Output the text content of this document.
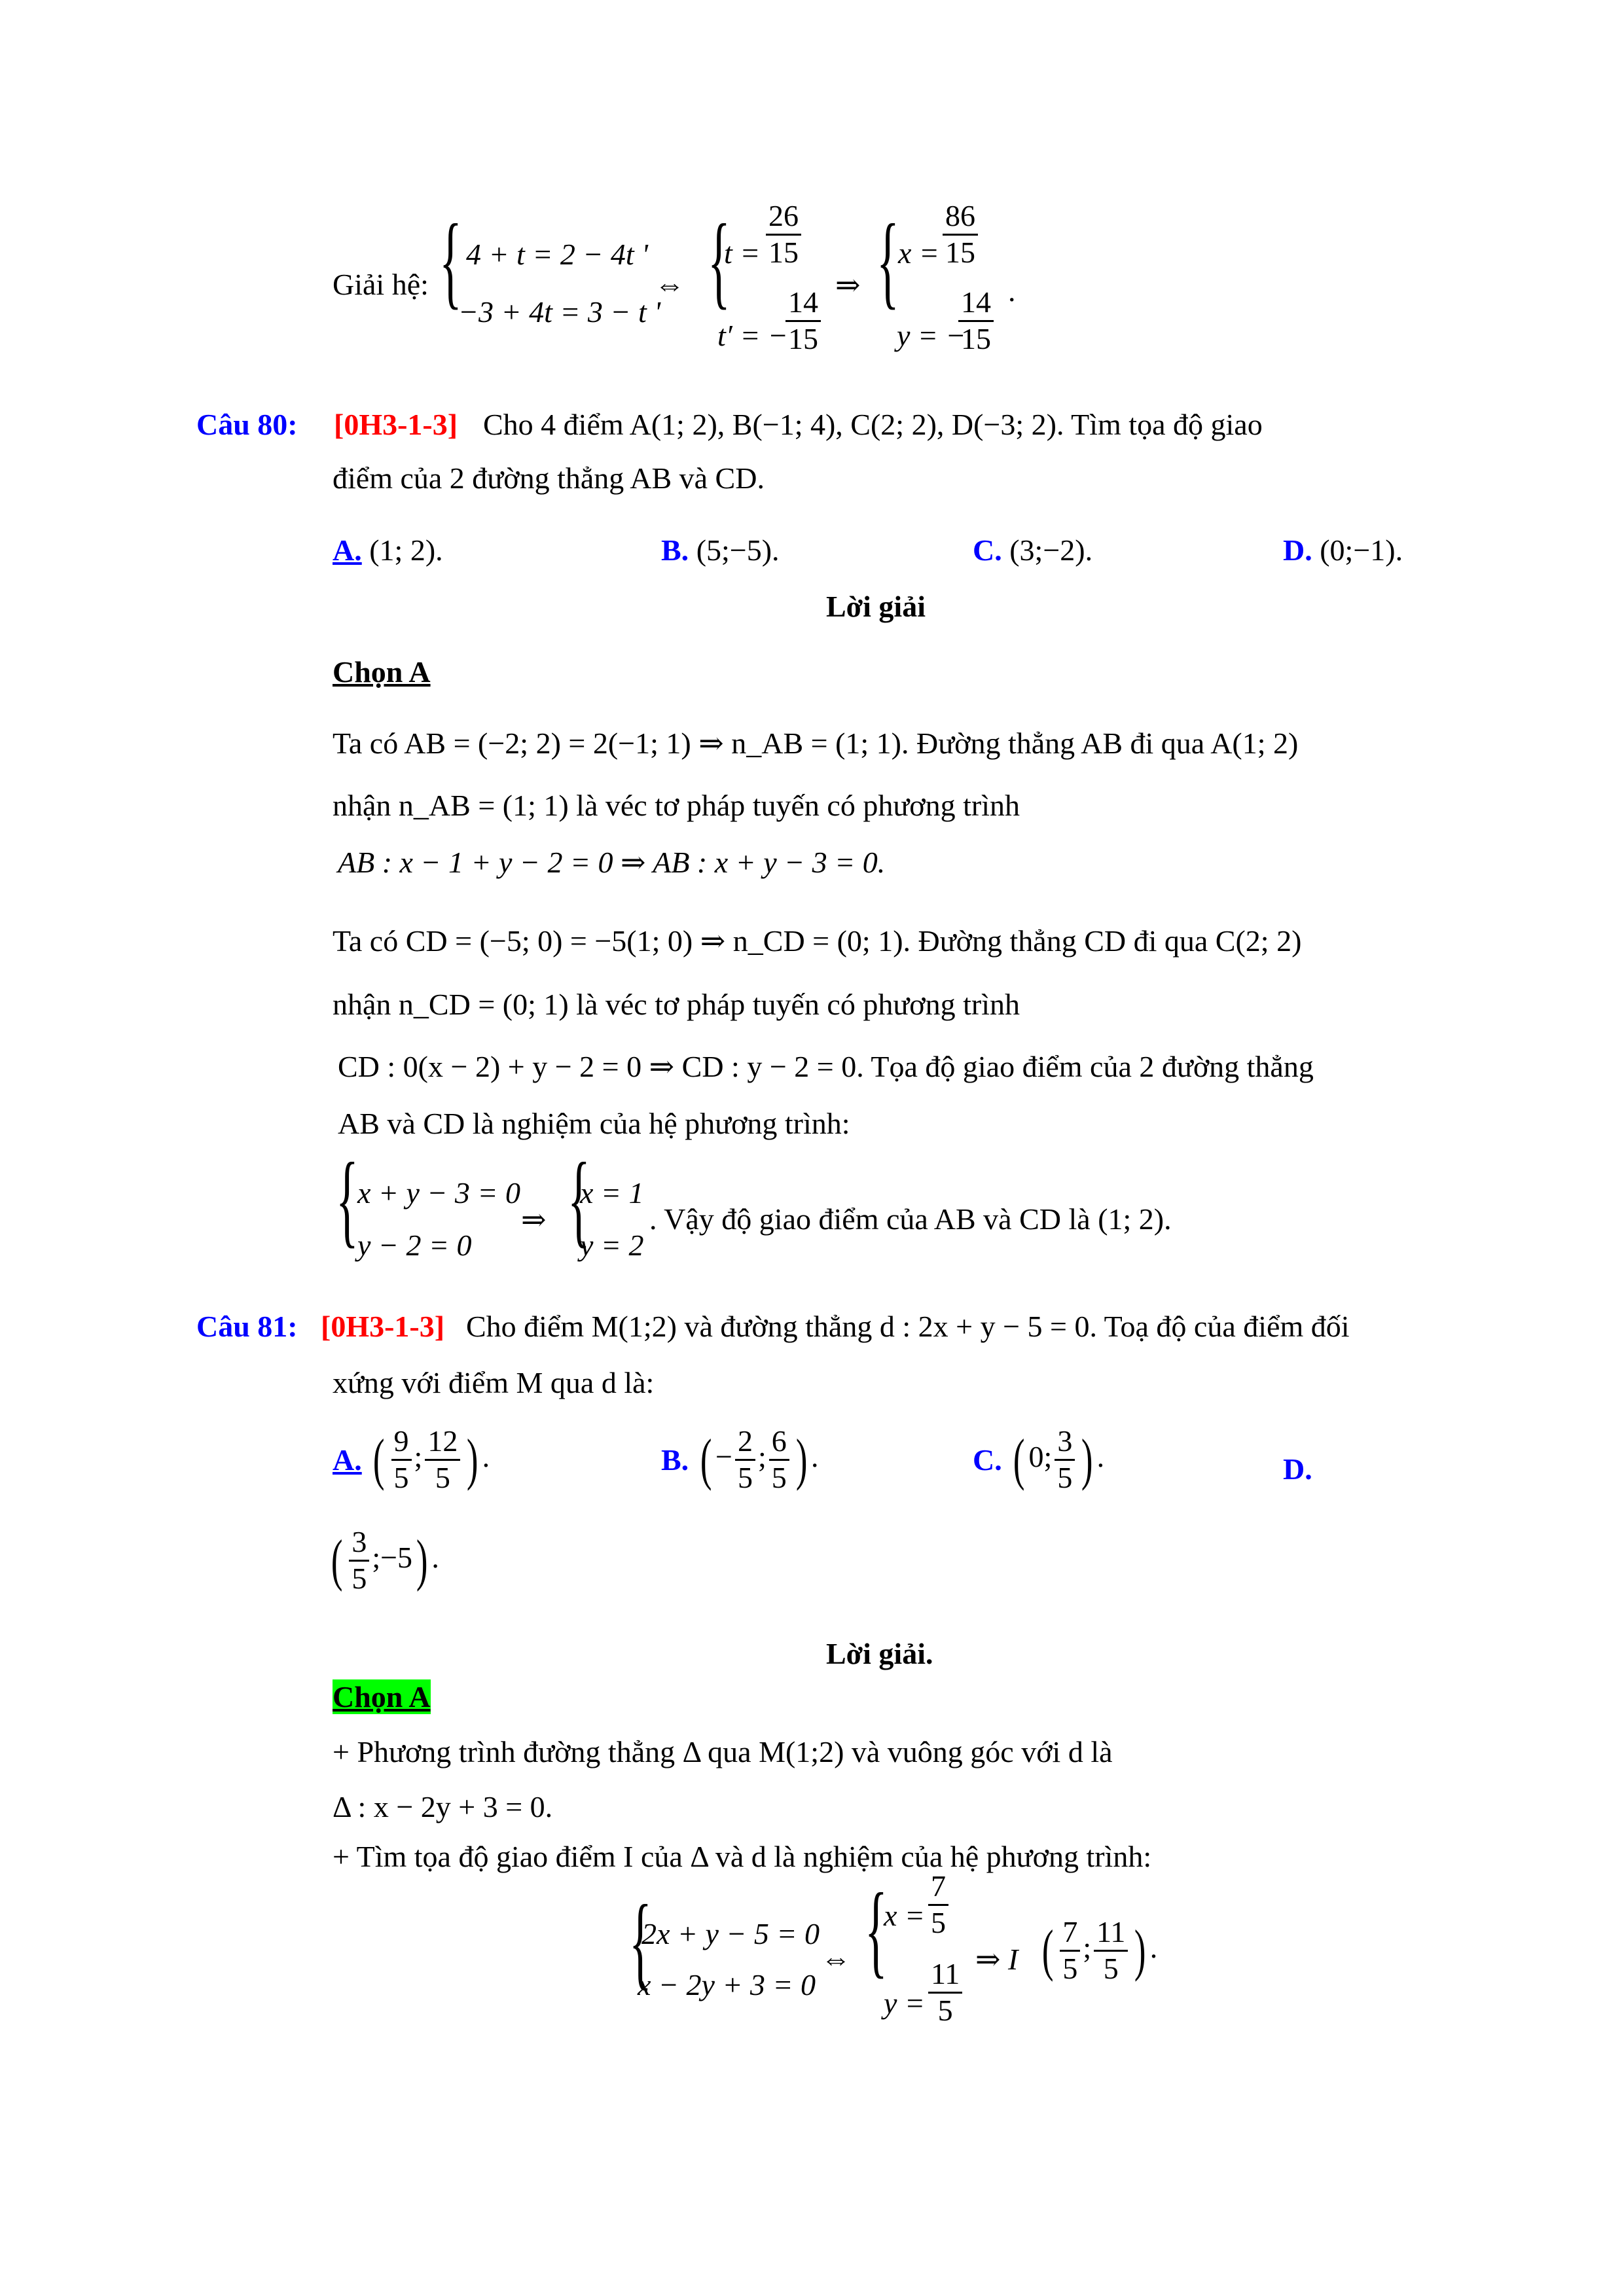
Giải hệ: { 4 + t = 2 − 4t '
−3 + 4t = 3 − t '
⇔ {
t =
26
15
t′ = −
14
15
⇒ {
x =
86
15
y = −
14
15
.
Câu 80: [0H3-1-3] Cho 4 điểm A(1; 2), B(−1; 4), C(2; 2), D(−3; 2). Tìm tọa độ giao
điểm của 2 đường thẳng AB và CD.
A. (1; 2).	B. (5;−5).	C. (3;−2).	D. (0;−1).
Lời giải
Chọn A
Ta có AB = (−2; 2) = 2(−1; 1) ⇒ n_AB = (1; 1). Đường thẳng AB đi qua A(1; 2)
nhận n_AB = (1; 1) là véc tơ pháp tuyến có phương trình
AB : x − 1 + y − 2 = 0 ⇒ AB : x + y − 3 = 0.
Ta có CD = (−5; 0) = −5(1; 0) ⇒ n_CD = (0; 1). Đường thẳng CD đi qua C(2; 2)
nhận n_CD = (0; 1) là véc tơ pháp tuyến có phương trình
CD : 0(x − 2) + y − 2 = 0 ⇒ CD : y − 2 = 0. Tọa độ giao điểm của 2 đường thẳng
AB và CD là nghiệm của hệ phương trình:
{
x + y − 3 = 0
y − 2 = 0
⇒ {
x = 1
y = 2
. Vậy độ giao điểm của AB và CD là (1; 2).
Câu 81: [0H3-1-3] Cho điểm M(1;2) và đường thẳng d : 2x + y − 5 = 0. Toạ độ của điểm đối
xứng với điểm M qua d là:
A. ( $\frac{9}{5}$ ; $\frac{12}{5}$ ) .	B. ( − $\frac{2}{5}$ ; $\frac{6}{5}$ ) .	C. ( 0; $\frac{3}{5}$ ) .	D.
( $\frac{3}{5}$ ;−5) .
Lời giải.
Chọn A
+ Phương trình đường thẳng Δ qua M(1;2) và vuông góc với d là
Δ : x − 2y + 3 = 0.
+ Tìm tọa độ giao điểm I của Δ và d là nghiệm của hệ phương trình:
{
2x + y − 5 = 0
x − 2y + 3 = 0
⇔ {
x =
7
5
y =
11
5
⇒ I ( $\frac{7}{5}$ ; $\frac{11}{5}$ ) .
